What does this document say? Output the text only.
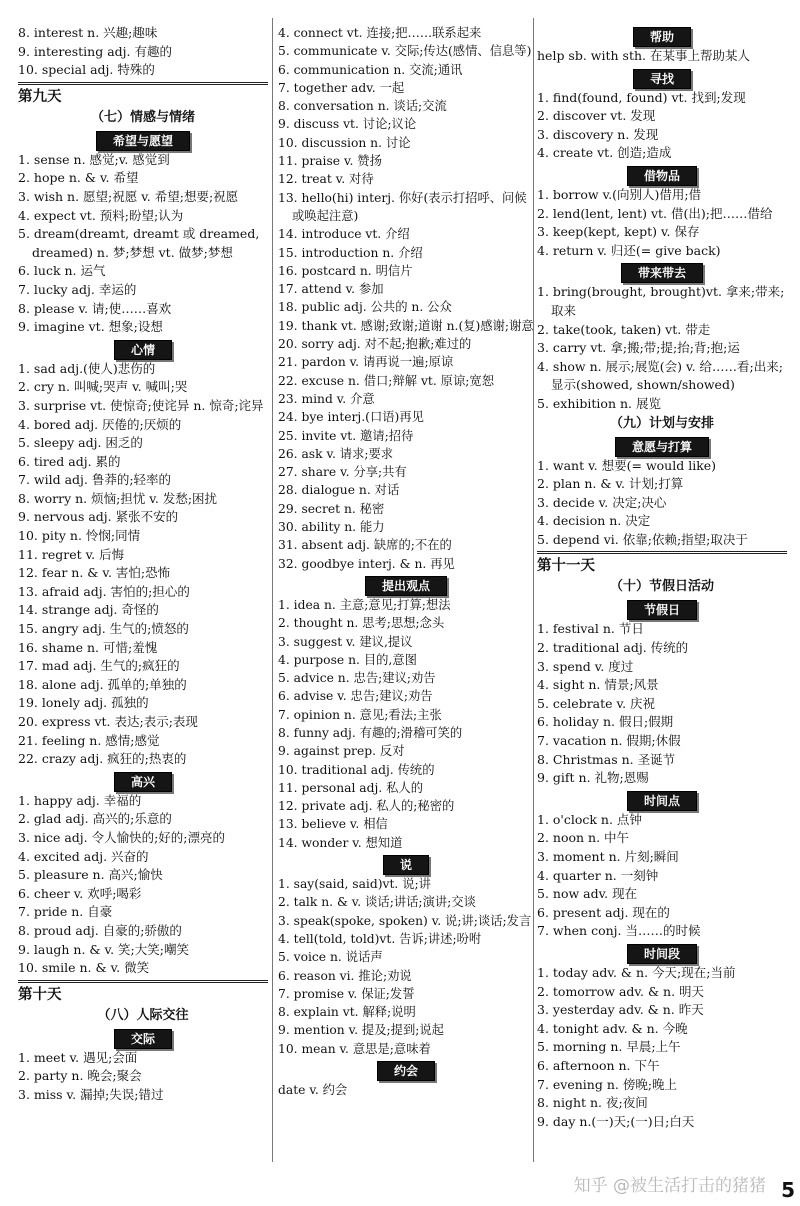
8. interest n. 兴趣;趣味
9. interesting adj. 有趣的
10. special adj. 特殊的
第九天
（七）情感与情绪
希望与愿望
1. sense n. 感觉;v. 感觉到
2. hope n. & v. 希望
3. wish n. 愿望;祝愿 v. 希望;想要;祝愿
4. expect vt. 预料;盼望;认为
5. dream(dreamt, dreamt 或 dreamed, dreamed) n. 梦;梦想 vt. 做梦;梦想
6. luck n. 运气
7. lucky adj. 幸运的
8. please v. 请;使……喜欢
9. imagine vt. 想象;设想
心情
1. sad adj.(使人)悲伤的
2. cry n. 叫喊;哭声 v. 喊叫;哭
3. surprise vt. 使惊奇;使诧异 n. 惊奇;诧异
4. bored adj. 厌倦的;厌烦的
5. sleepy adj. 困乏的
6. tired adj. 累的
7. wild adj. 鲁莽的;轻率的
8. worry n. 烦恼;担忧 v. 发愁;困扰
9. nervous adj. 紧张不安的
10. pity n. 怜悯;同情
11. regret v. 后悔
12. fear n. & v. 害怕;恐怖
13. afraid adj. 害怕的;担心的
14. strange adj. 奇怪的
15. angry adj. 生气的;愤怒的
16. shame n. 可惜;羞愧
17. mad adj. 生气的;疯狂的
18. alone adj. 孤单的;单独的
19. lonely adj. 孤独的
20. express vt. 表达;表示;表现
21. feeling n. 感情;感觉
22. crazy adj. 疯狂的;热衷的
高兴
1. happy adj. 幸福的
2. glad adj. 高兴的;乐意的
3. nice adj. 令人愉快的;好的;漂亮的
4. excited adj. 兴奋的
5. pleasure n. 高兴;愉快
6. cheer v. 欢呼;喝彩
7. pride n. 自豪
8. proud adj. 自豪的;骄傲的
9. laugh n. & v. 笑;大笑;嘲笑
10. smile n. & v. 微笑
第十天
（八）人际交往
交际
1. meet v. 遇见;会面
2. party n. 晚会;聚会
3. miss v. 漏掉;失误;错过
4. connect vt. 连接;把……联系起来
5. communicate v. 交际;传达(感情、信息等)
6. communication n. 交流;通讯
7. together adv. 一起
8. conversation n. 谈话;交流
9. discuss vt. 讨论;议论
10. discussion n. 讨论
11. praise v. 赞扬
12. treat v. 对待
13. hello(hi) interj. 你好(表示打招呼、问候或唤起注意)
14. introduce vt. 介绍
15. introduction n. 介绍
16. postcard n. 明信片
17. attend v. 参加
18. public adj. 公共的 n. 公众
19. thank vt. 感谢;致谢;道谢 n.(复)感谢;谢意
20. sorry adj. 对不起;抱歉;难过的
21. pardon v. 请再说一遍;原谅
22. excuse n. 借口;辩解 vt. 原谅;宽恕
23. mind v. 介意
24. bye interj.(口语)再见
25. invite vt. 邀请;招待
26. ask v. 请求;要求
27. share v. 分享;共有
28. dialogue n. 对话
29. secret n. 秘密
30. ability n. 能力
31. absent adj. 缺席的;不在的
32. goodbye interj. & n. 再见
提出观点
1. idea n. 主意;意见;打算;想法
2. thought n. 思考;思想;念头
3. suggest v. 建议,提议
4. purpose n. 目的,意图
5. advice n. 忠告;建议;劝告
6. advise v. 忠告;建议;劝告
7. opinion n. 意见;看法;主张
8. funny adj. 有趣的;滑稽可笑的
9. against prep. 反对
10. traditional adj. 传统的
11. personal adj. 私人的
12. private adj. 私人的;秘密的
13. believe v. 相信
14. wonder v. 想知道
说
1. say(said, said)vt. 说;讲
2. talk n. & v. 谈话;讲话;演讲;交谈
3. speak(spoke, spoken) v. 说;讲;谈话;发言
4. tell(told, told)vt. 告诉;讲述;吩咐
5. voice n. 说话声
6. reason vi. 推论;劝说
7. promise v. 保证;发誓
8. explain vt. 解释;说明
9. mention v. 提及;提到;说起
10. mean v. 意思是;意味着
约会
date v. 约会
帮助
help sb. with sth. 在某事上帮助某人
寻找
1. find(found, found) vt. 找到;发现
2. discover vt. 发现
3. discovery n. 发现
4. create vt. 创造;造成
借物品
1. borrow v.(向别人)借用;借
2. lend(lent, lent) vt. 借(出);把……借给
3. keep(kept, kept) v. 保存
4. return v. 归还(= give back)
带来带去
1. bring(brought, brought)vt. 拿来;带来;取来
2. take(took, taken) vt. 带走
3. carry vt. 拿;搬;带;提;抬;背;抱;运
4. show n. 展示;展览(会) v. 给……看;出来;显示(showed, shown/showed)
5. exhibition n. 展览
（九）计划与安排
意愿与打算
1. want v. 想要(= would like)
2. plan n. & v. 计划;打算
3. decide v. 决定;决心
4. decision n. 决定
5. depend vi. 依靠;依赖;指望;取决于
第十一天
（十）节假日活动
节假日
1. festival n. 节日
2. traditional adj. 传统的
3. spend v. 度过
4. sight n. 情景;风景
5. celebrate v. 庆祝
6. holiday n. 假日;假期
7. vacation n. 假期;休假
8. Christmas n. 圣诞节
9. gift n. 礼物;恩赐
时间点
1. o'clock n. 点钟
2. noon n. 中午
3. moment n. 片刻;瞬间
4. quarter n. 一刻钟
5. now adv. 现在
6. present adj. 现在的
7. when conj. 当……的时候
时间段
1. today adv. & n. 今天;现在;当前
2. tomorrow adv. & n. 明天
3. yesterday adv. & n. 昨天
4. tonight adv. & n. 今晚
5. morning n. 早晨;上午
6. afternoon n. 下午
7. evening n. 傍晚;晚上
8. night n. 夜;夜间
9. day n.(一)天;(一)日;白天
知乎 @被生活打击的猪猪 5
